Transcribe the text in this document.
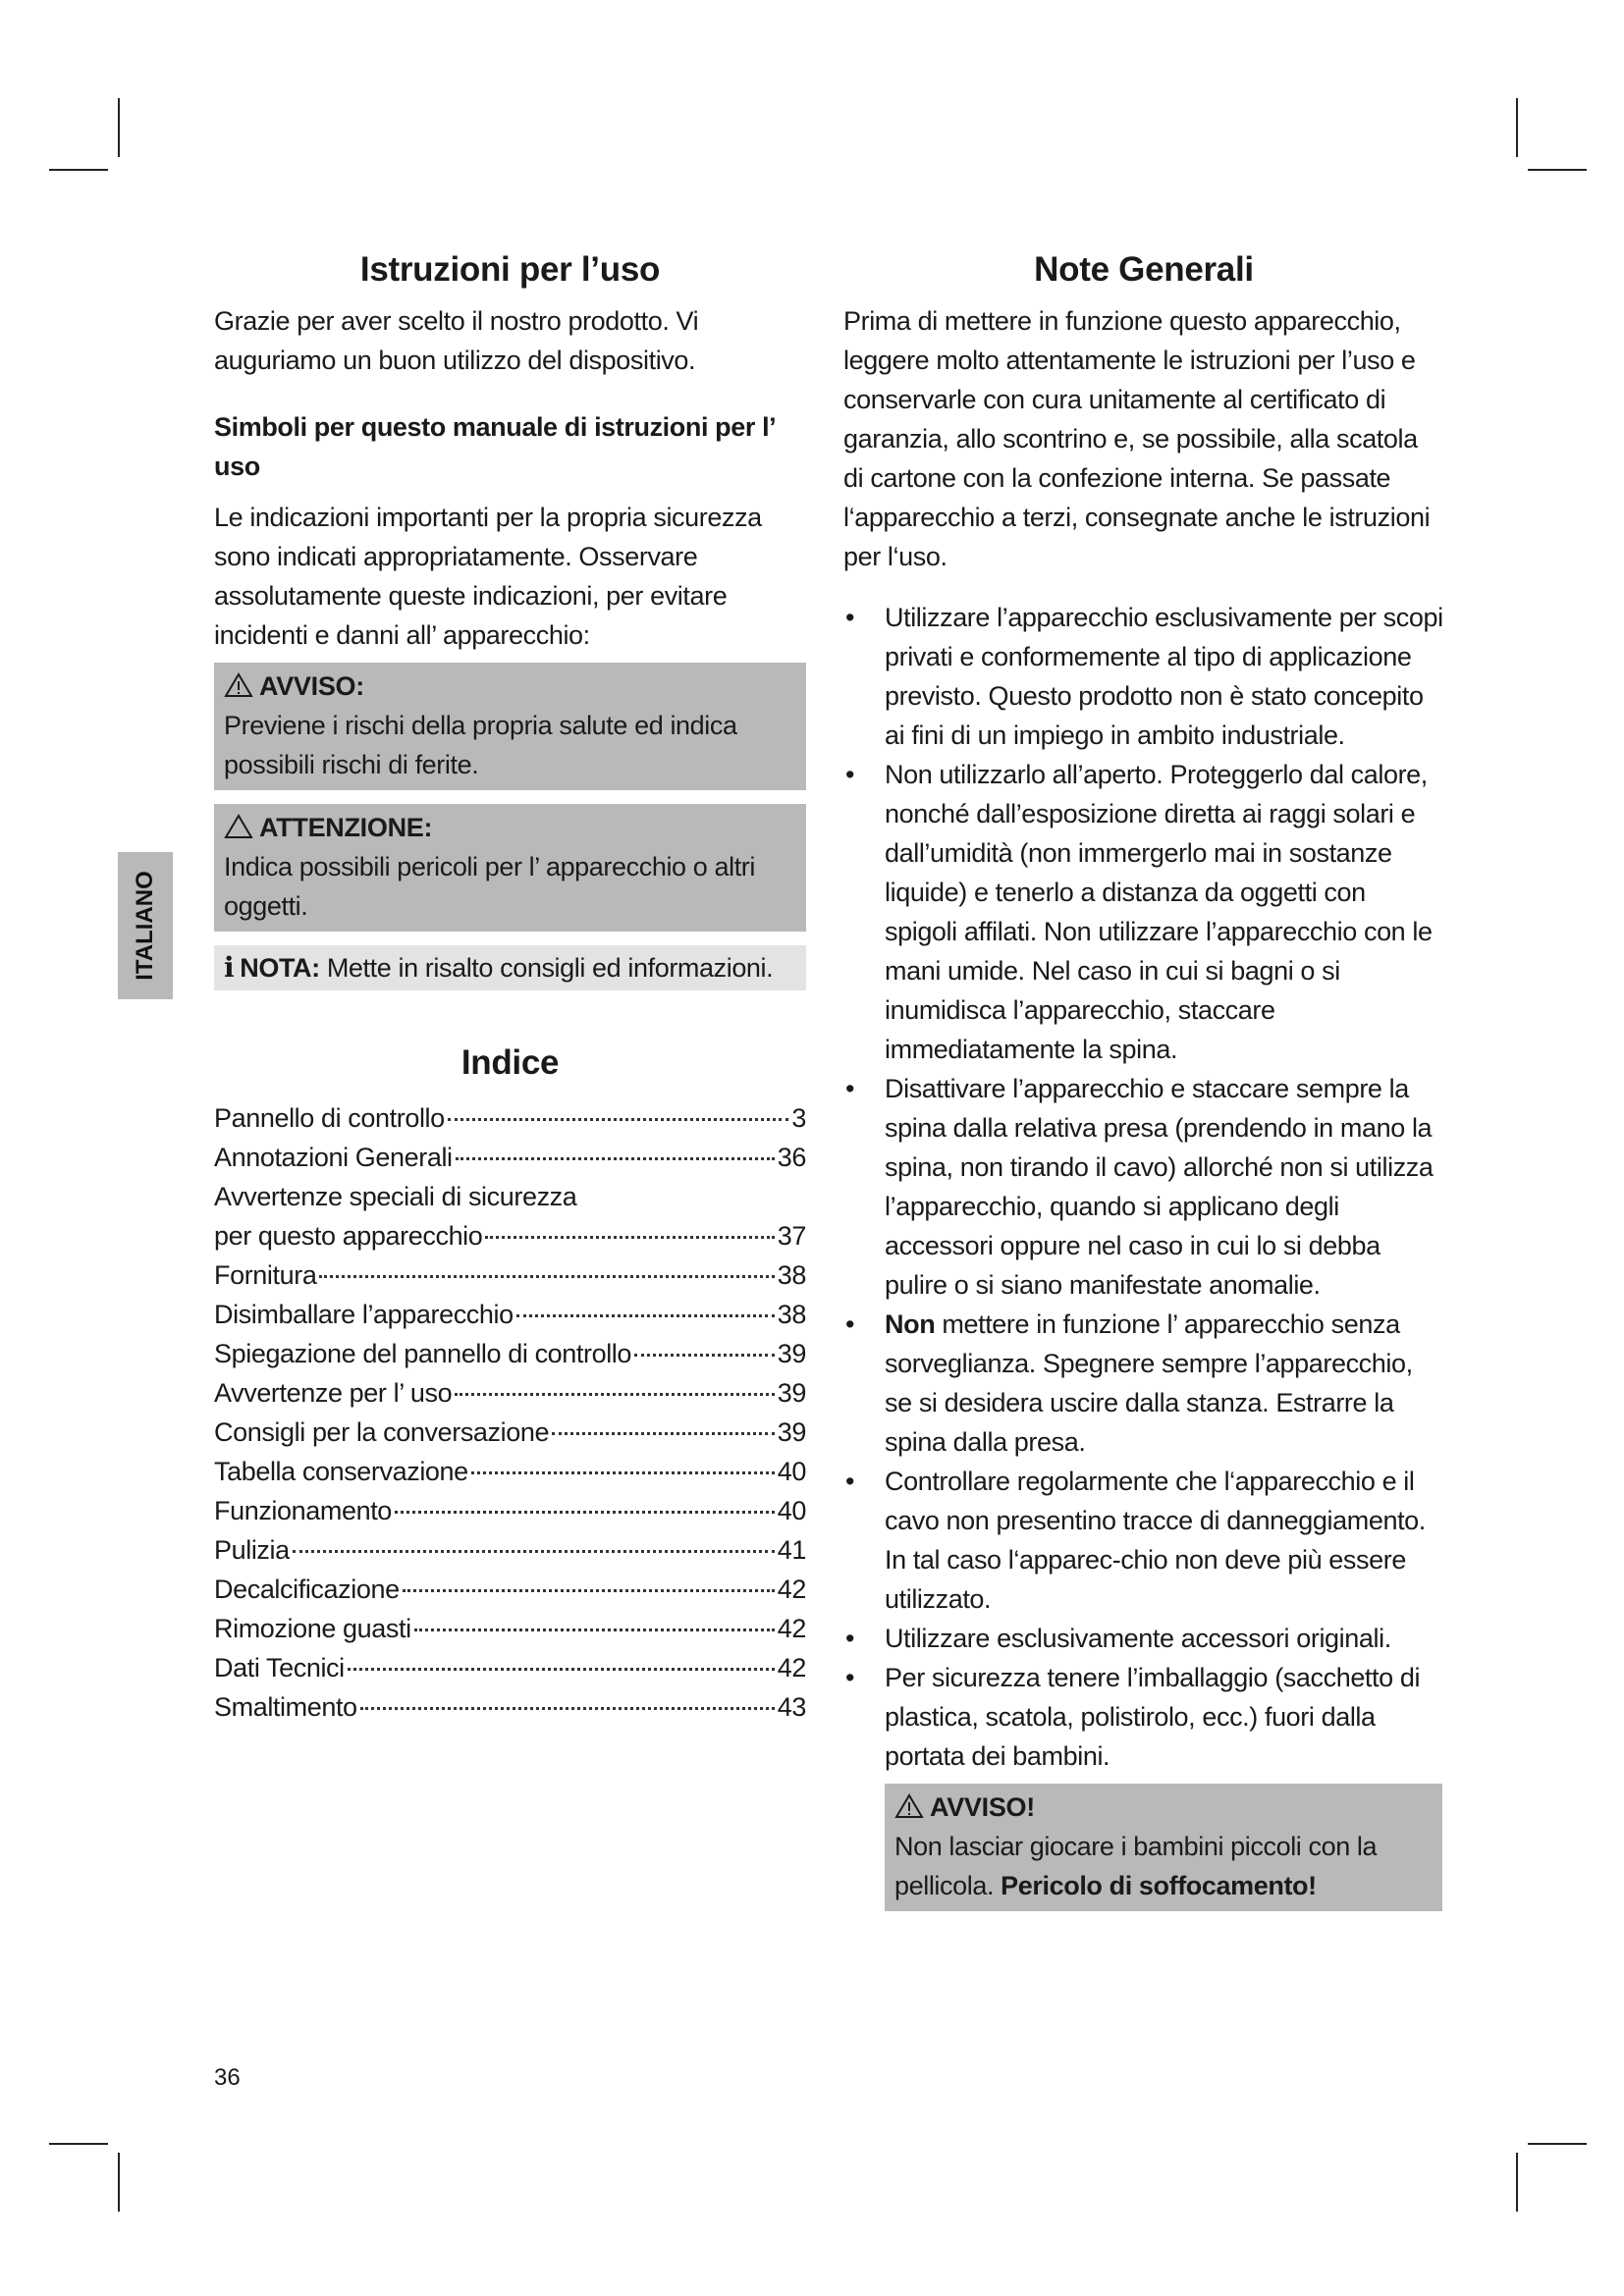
ITALIANO
Istruzioni per l’uso

Grazie per aver scelto il nostro prodotto. Vi auguriamo un buon utilizzo del dispositivo.

Simboli per questo manuale di istruzioni per l’ uso

Le indicazioni importanti per la propria sicurezza sono indicati appropriatamente. Osservare assolutamente queste indicazioni, per evitare incidenti e danni all’ apparecchio:

AVVISO:
Previene i rischi della propria salute ed indica possibili rischi di ferite.
ATTENZIONE:
Indica possibili pericoli per l’ apparecchio o altri oggetti.
i NOTA: Mette in risalto consigli ed informazioni.
Indice
Pannello di controllo	3
Annotazioni Generali	36
Avvertenze speciali di sicurezza
per questo apparecchio	37
Fornitura	38
Disimballare l’apparecchio	38
Spiegazione del pannello di controllo	39
Avvertenze per l’ uso	39
Consigli per la conversazione	39
Tabella conservazione	40
Funzionamento	40
Pulizia	41
Decalcificazione	42
Rimozione guasti	42
Dati Tecnici	42
Smaltimento	43
Note Generali

Prima di mettere in funzione questo apparecchio, leggere molto attentamente le istruzioni per l’uso e conservarle con cura unitamente al certificato di garanzia, allo scontrino e, se possibile, alla scatola di cartone con la confezione interna. Se passate l‘apparecchio a terzi, consegnate anche le istruzioni per l‘uso.

• Utilizzare l’apparecchio esclusivamente per scopi privati e conformemente al tipo di applicazione previsto. Questo prodotto non è stato concepito ai fini di un impiego in ambito industriale.
• Non utilizzarlo all’aperto. Proteggerlo dal calore, nonché dall’esposizione diretta ai raggi solari e dall’umidità (non immergerlo mai in sostanze liquide) e tenerlo a distanza da oggetti con spigoli affilati. Non utilizzare l’apparecchio con le mani umide. Nel caso in cui si bagni o si inumidisca l’apparecchio, staccare immediatamente la spina.
• Disattivare l’apparecchio e staccare sempre la spina dalla relativa presa (prendendo in mano la spina, non tirando il cavo) allorché non si utilizza l’apparecchio, quando si applicano degli accessori oppure nel caso in cui lo si debba pulire o si siano manifestate anomalie.
• Non mettere in funzione l’ apparecchio senza sorveglianza. Spegnere sempre l’apparecchio, se si desidera uscire dalla stanza. Estrarre la spina dalla presa.
• Controllare regolarmente che l‘apparecchio e il cavo non presentino tracce di danneggiamento. In tal caso l‘apparec-chio non deve più essere utilizzato.
• Utilizzare esclusivamente accessori originali.
• Per sicurezza tenere l’imballaggio (sacchetto di plastica, scatola, polistirolo, ecc.) fuori dalla portata dei bambini.
AVVISO!
Non lasciar giocare i bambini piccoli con la pellicola. Pericolo di soffocamento!
36
